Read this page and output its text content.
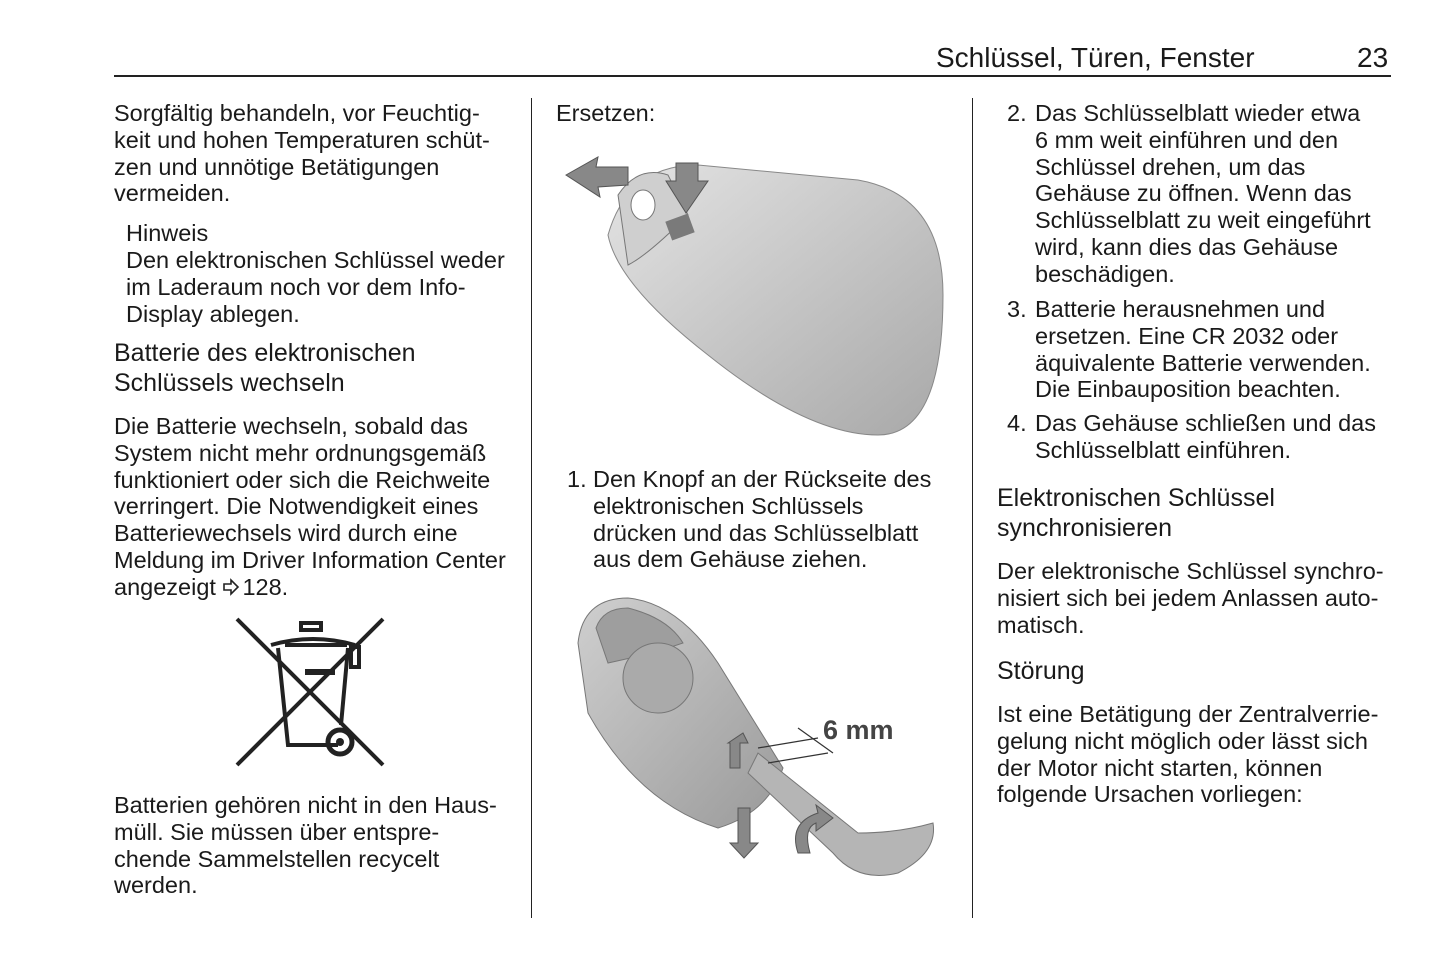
Schlüssel, Türen, Fenster	23
Sorgfältig behandeln, vor Feuchtig-
keit und hohen Temperaturen schüt-
zen und unnötige Betätigungen
vermeiden.
Hinweis
Den elektronischen Schlüssel weder
im Laderaum noch vor dem Info-
Display ablegen.
Batterie des elektronischen
Schlüssels wechseln
Die Batterie wechseln, sobald das
System nicht mehr ordnungsgemäß
funktioniert oder sich die Reichweite
verringert. Die Notwendigkeit eines
Batteriewechsels wird durch eine
Meldung im Driver Information Center
angezeigt 128.
Batterien gehören nicht in den Haus-
müll. Sie müssen über entspre-
chende Sammelstellen recycelt
werden.
Ersetzen:
1. Den Knopf an der Rückseite des
elektronischen Schlüssels
drücken und das Schlüsselblatt
aus dem Gehäuse ziehen.
6 mm
2. Das Schlüsselblatt wieder etwa
6 mm weit einführen und den
Schlüssel drehen, um das
Gehäuse zu öffnen. Wenn das
Schlüsselblatt zu weit eingeführt
wird, kann dies das Gehäuse
beschädigen.
3. Batterie herausnehmen und
ersetzen. Eine CR 2032 oder
äquivalente Batterie verwenden.
Die Einbauposition beachten.
4. Das Gehäuse schließen und das
Schlüsselblatt einführen.
Elektronischen Schlüssel
synchronisieren
Der elektronische Schlüssel synchro-
nisiert sich bei jedem Anlassen auto-
matisch.
Störung
Ist eine Betätigung der Zentralverrie-
gelung nicht möglich oder lässt sich
der Motor nicht starten, können
folgende Ursachen vorliegen:
